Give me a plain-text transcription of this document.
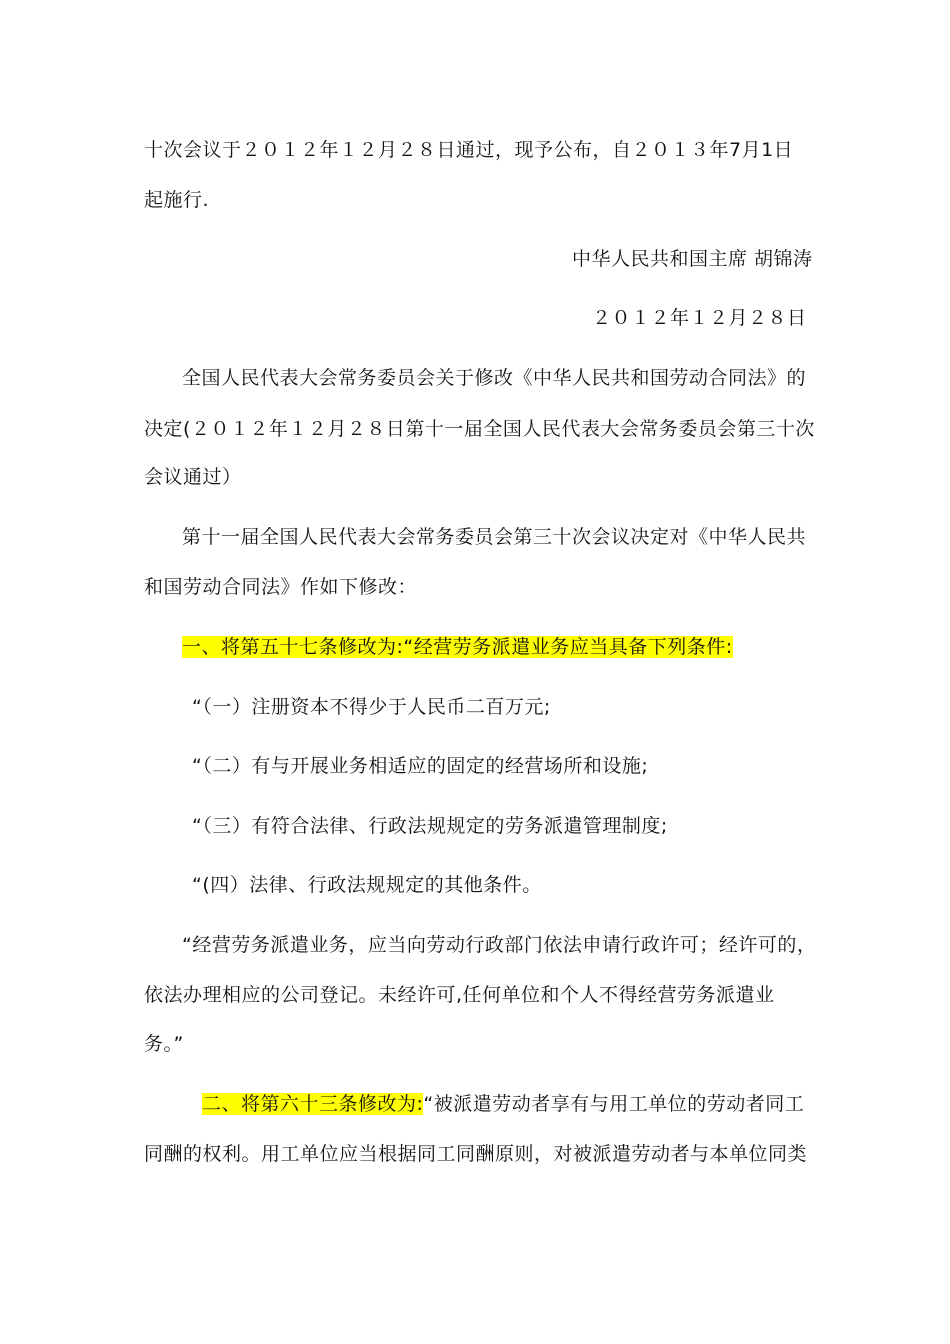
十次会议于２０１２年１２月２８日通过，现予公布，自２０１３年7月1日
起施行.
中华人民共和国主席 胡锦涛
２０１２年１２月２８日
全国人民代表大会常务委员会关于修改《中华人民共和国劳动合同法》的
决定(２０１２年１２月２８日第十一届全国人民代表大会常务委员会第三十次
会议通过）
第十一届全国人民代表大会常务委员会第三十次会议决定对《中华人民共
和国劳动合同法》作如下修改：
一、将第五十七条修改为:“经营劳务派遣业务应当具备下列条件:
“（一）注册资本不得少于人民币二百万元;
“（二）有与开展业务相适应的固定的经营场所和设施;
“（三）有符合法律、行政法规规定的劳务派遣管理制度;
“(四）法律、行政法规规定的其他条件。
“经营劳务派遣业务，应当向劳动行政部门依法申请行政许可；经许可的，
依法办理相应的公司登记。未经许可,任何单位和个人不得经营劳务派遣业
务。”
二、将第六十三条修改为:“被派遣劳动者享有与用工单位的劳动者同工
同酬的权利。用工单位应当根据同工同酬原则，对被派遣劳动者与本单位同类
